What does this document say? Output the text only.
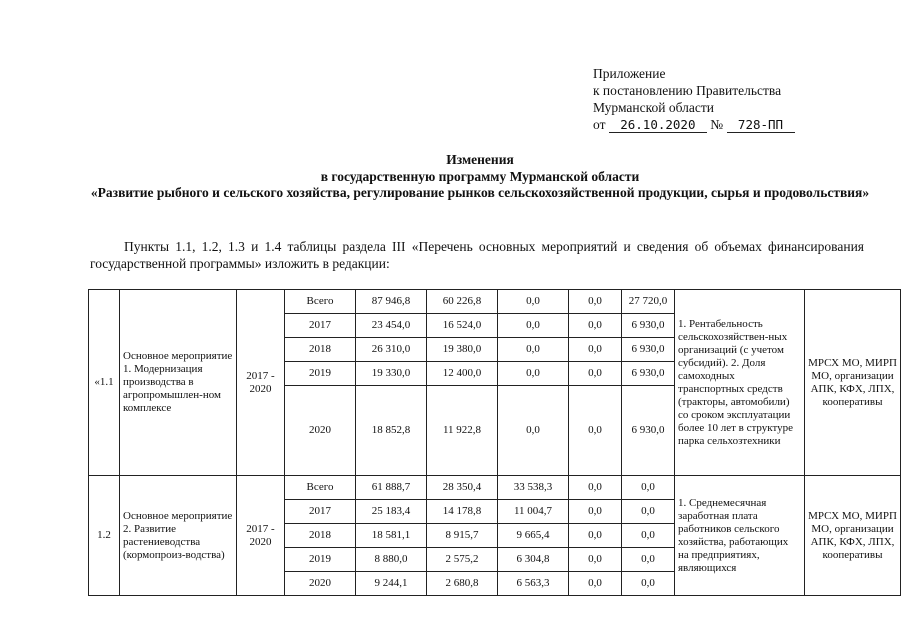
Приложение
к постановлению Правительства
Мурманской области
от 26.10.2020 № 728-ПП
Изменения
в государственную программу Мурманской области
«Развитие рыбного и сельского хозяйства, регулирование рынков сельскохозяйственной продукции, сырья и продовольствия»
Пункты 1.1, 1.2, 1.3 и 1.4 таблицы раздела III «Перечень основных мероприятий и сведения об объемах финансирования государственной программы» изложить в редакции:
«1.1	Основное мероприятие 1. Модернизация производства в агропромышлен-ном комплексе	2017 - 2020	Всего	87 946,8	60 226,8	0,0	0,0	27 720,0	1. Рентабельность сельскохозяйствен-ных организаций (с учетом субсидий). 2. Доля самоходных транспортных средств (тракторы, автомобили) со сроком эксплуатации более 10 лет в структуре парка сельхозтехники	МРСХ МО, МИРП МО, организации АПК, КФХ, ЛПХ, кооперативы
			2017	23 454,0	16 524,0	0,0	0,0	6 930,0		
			2018	26 310,0	19 380,0	0,0	0,0	6 930,0		
			2019	19 330,0	12 400,0	0,0	0,0	6 930,0		
			2020	18 852,8	11 922,8	0,0	0,0	6 930,0		
1.2	Основное мероприятие 2. Развитие растениеводства (кормопроиз-водства)	2017 - 2020	Всего	61 888,7	28 350,4	33 538,3	0,0	0,0	1. Среднемесячная заработная плата работников сельского хозяйства, работающих на предприятиях, являющихся	МРСХ МО, МИРП МО, организации АПК, КФХ, ЛПХ, кооперативы
			2017	25 183,4	14 178,8	11 004,7	0,0	0,0		
			2018	18 581,1	8 915,7	9 665,4	0,0	0,0		
			2019	8 880,0	2 575,2	6 304,8	0,0	0,0		
			2020	9 244,1	2 680,8	6 563,3	0,0	0,0		
